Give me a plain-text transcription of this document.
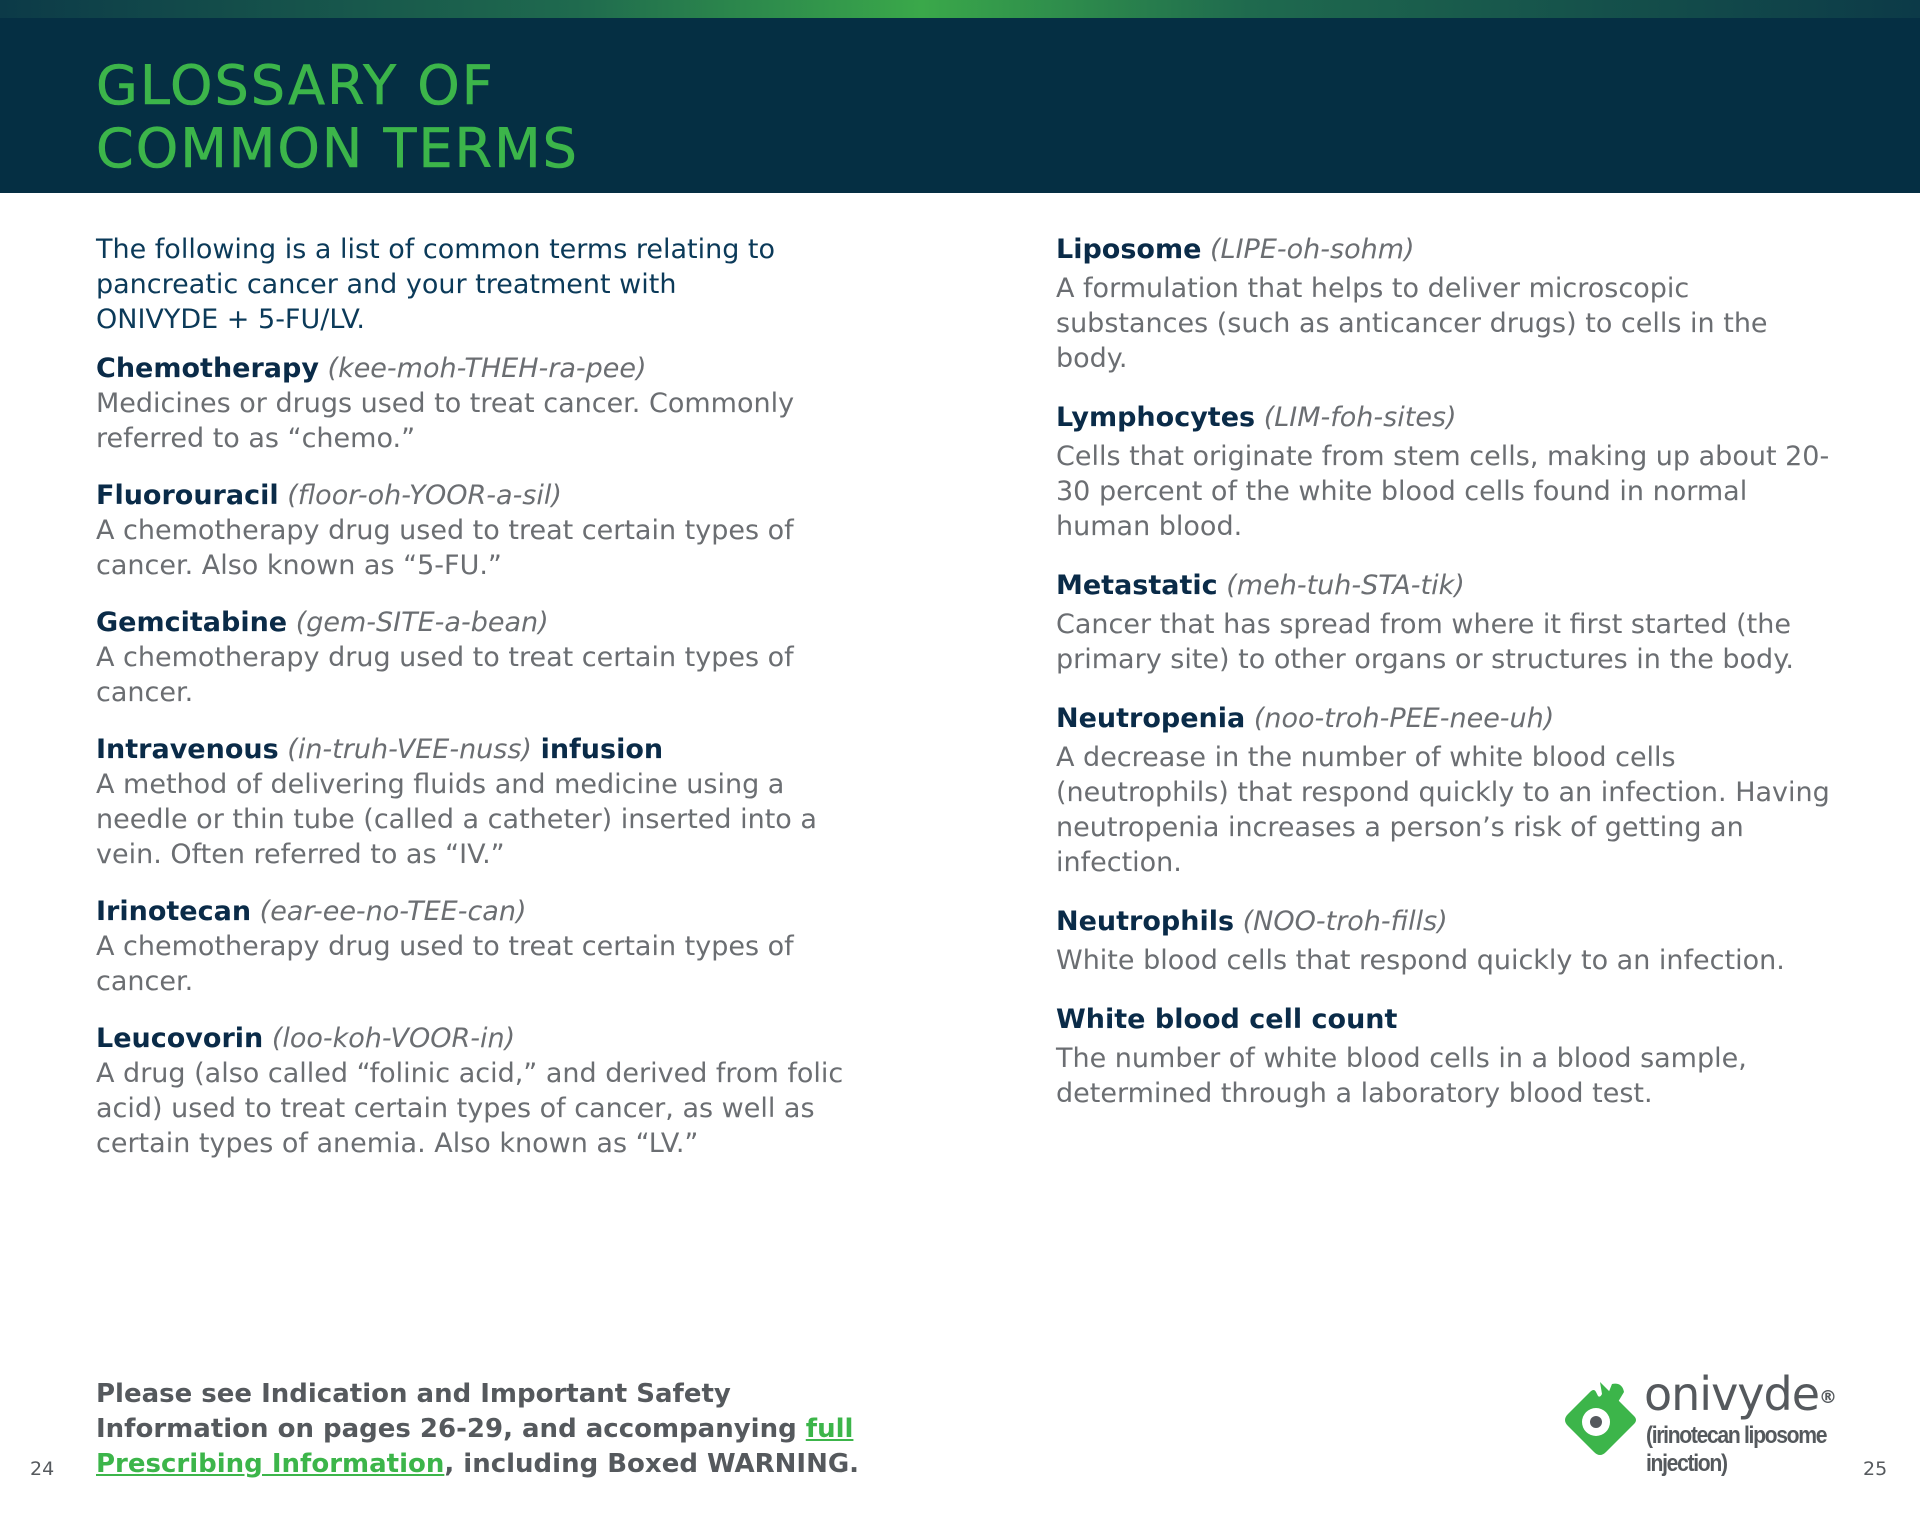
GLOSSARY OF
COMMON TERMS

The following is a list of common terms relating to pancreatic cancer and your treatment with ONIVYDE + 5-FU/LV.

Chemotherapy (kee-moh-THEH-ra-pee)

Medicines or drugs used to treat cancer. Commonly referred to as “chemo.”

Fluorouracil (floor-oh-YOOR-a-sil)

A chemotherapy drug used to treat certain types of cancer. Also known as “5-FU.”

Gemcitabine (gem-SITE-a-bean)

A chemotherapy drug used to treat certain types of cancer.

Intravenous (in-truh-VEE-nuss) infusion

A method of delivering fluids and medicine using a needle or thin tube (called a catheter) inserted into a vein. Often referred to as “IV.”

Irinotecan (ear-ee-no-TEE-can)

A chemotherapy drug used to treat certain types of cancer.

Leucovorin (loo-koh-VOOR-in)

A drug (also called “folinic acid,” and derived from folic acid) used to treat certain types of cancer, as well as certain types of anemia. Also known as “LV.”

Liposome (LIPE-oh-sohm)

A formulation that helps to deliver microscopic substances (such as anticancer drugs) to cells in the body.

Lymphocytes (LIM-foh-sites)

Cells that originate from stem cells, making up about 20-30 percent of the white blood cells found in normal human blood.

Metastatic (meh-tuh-STA-tik)

Cancer that has spread from where it first started (the primary site) to other organs or structures in the body.

Neutropenia (noo-troh-PEE-nee-uh)

A decrease in the number of white blood cells (neutrophils) that respond quickly to an infection. Having neutropenia increases a person’s risk of getting an infection.

Neutrophils (NOO-troh-fills)

White blood cells that respond quickly to an infection.

White blood cell count

The number of white blood cells in a blood sample, determined through a laboratory blood test.

Please see Indication and Important Safety Information on pages 26-29, and accompanying full Prescribing Information, including Boxed WARNING.
24	25
onivyde®
(irinotecan liposome injection)
